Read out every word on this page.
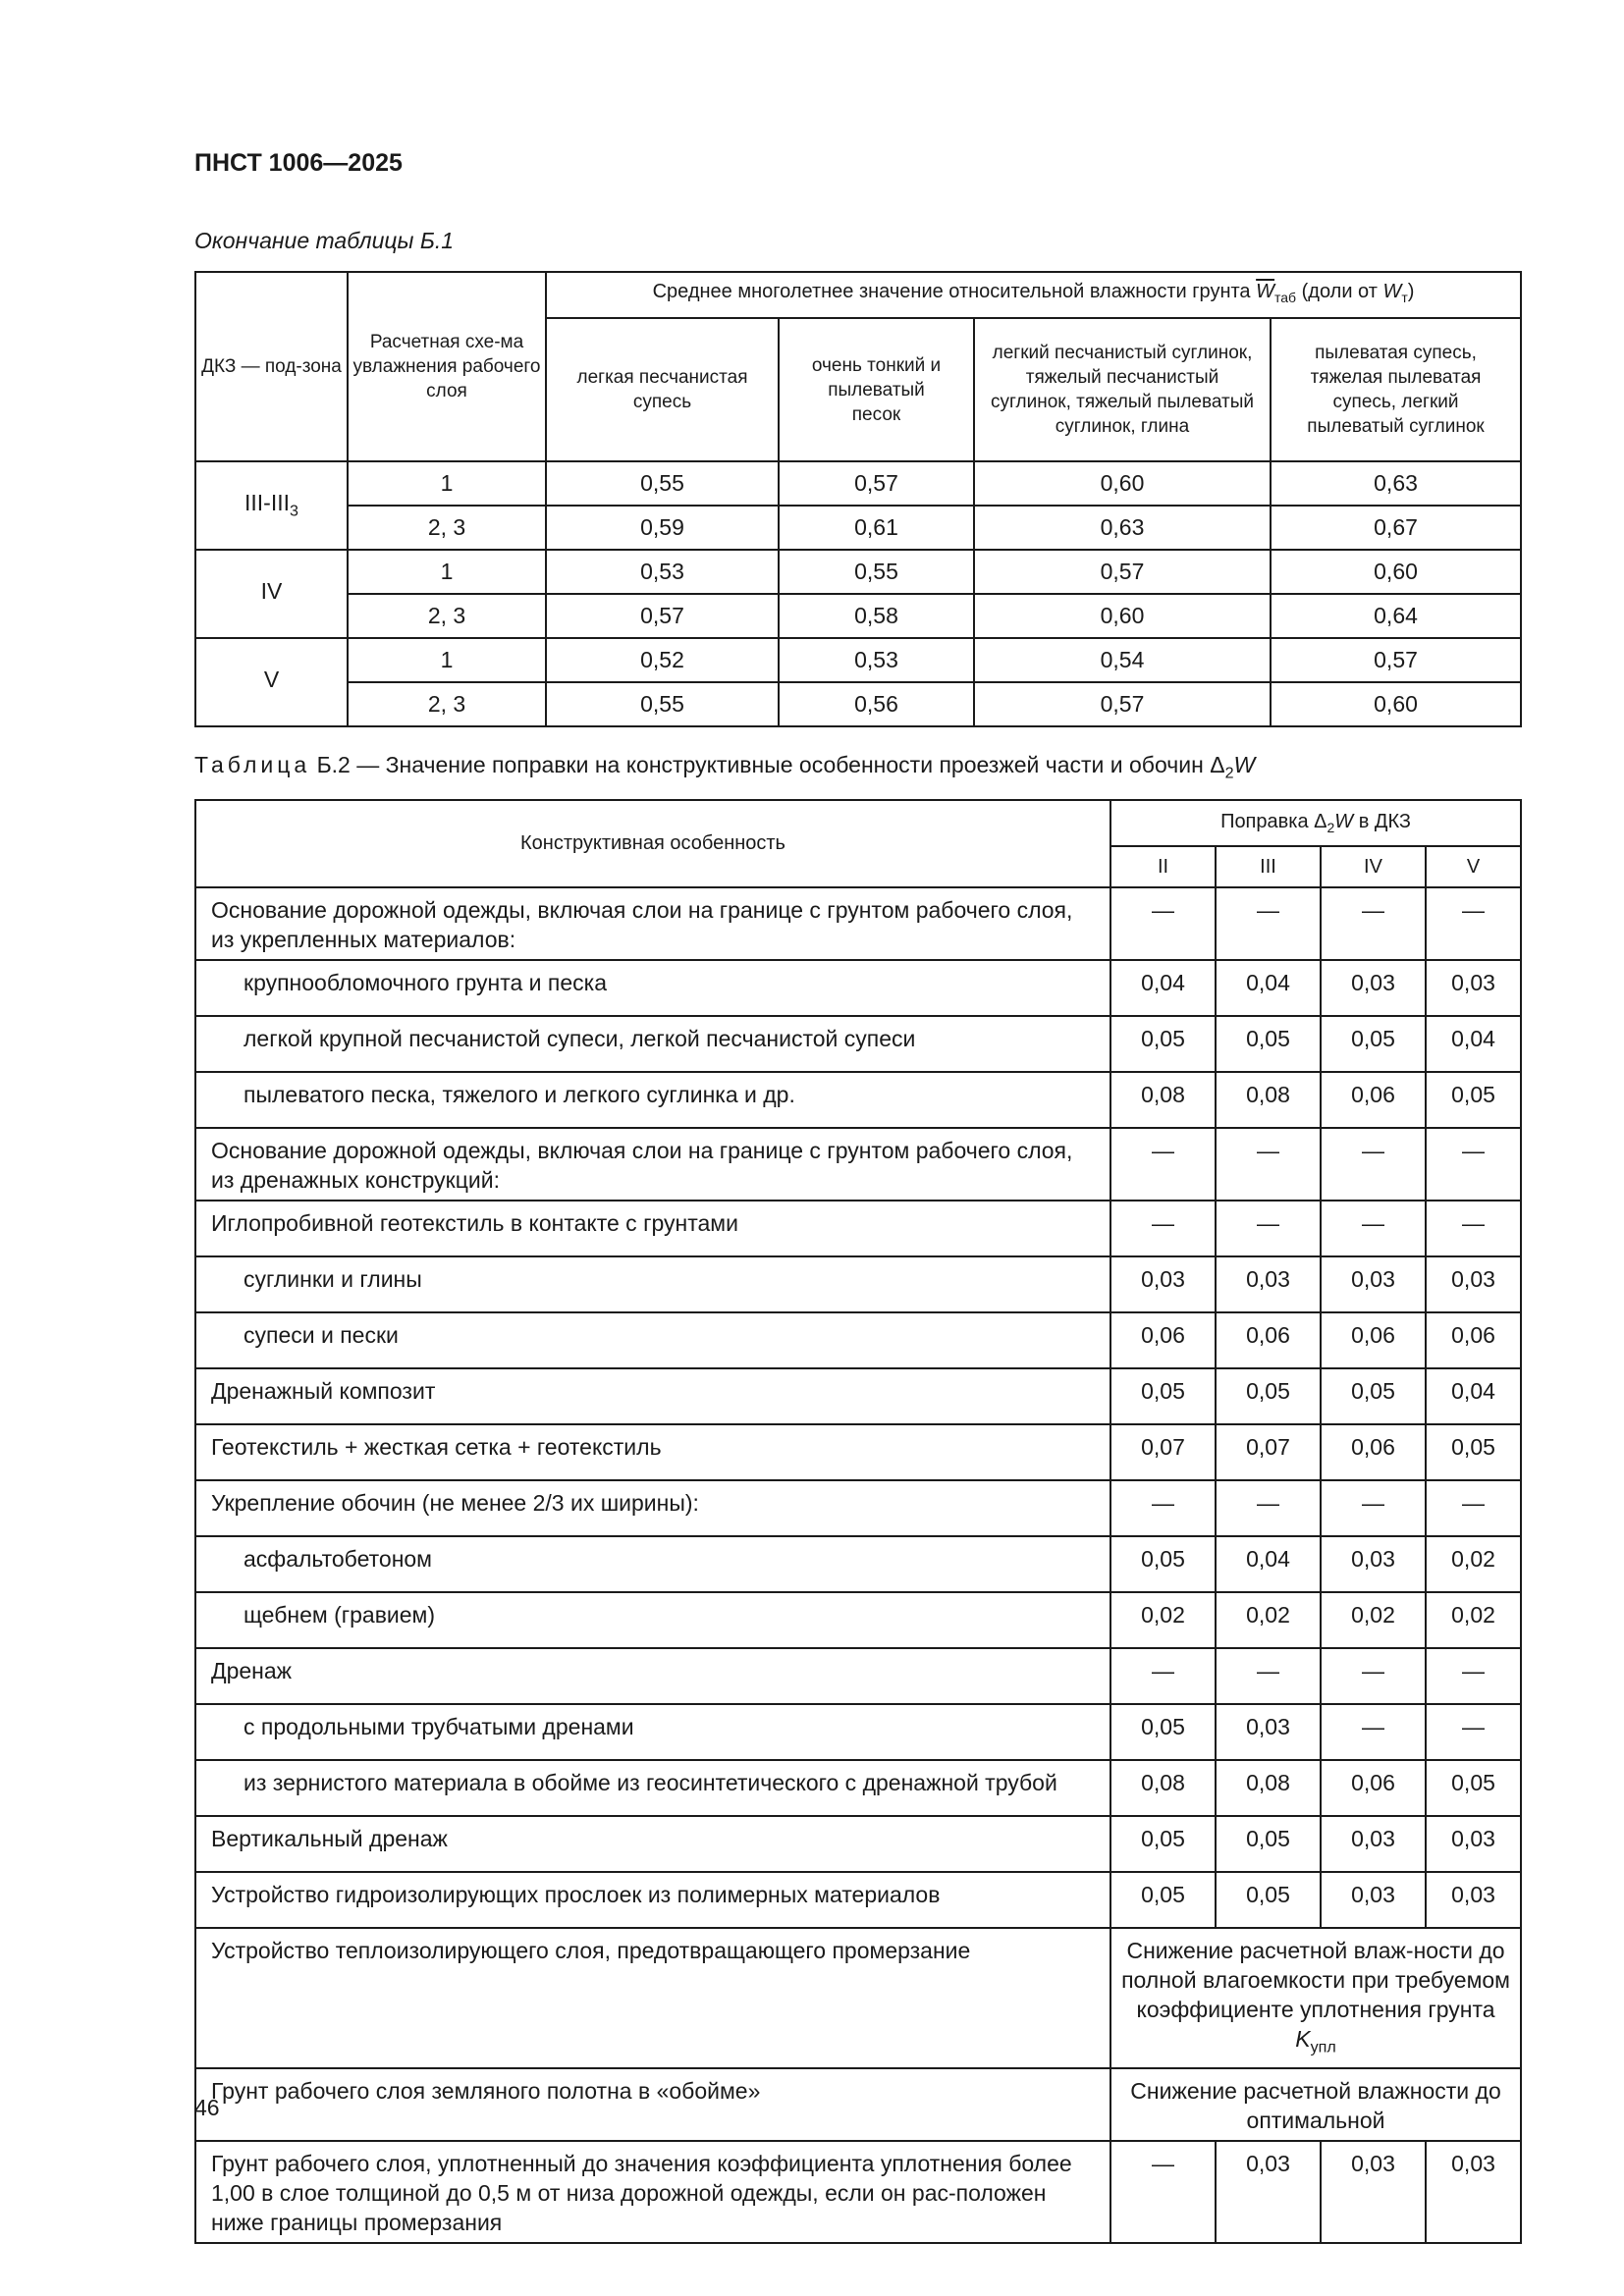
ПНСТ 1006—2025
Окончание таблицы Б.1
ДКЗ — под-зона	Расчетная схе-ма увлажнения рабочего слоя	Среднее многолетнее значение относительной влажности грунта $\overline{W}_{таб}$ (доли от $W_т$)			
		легкая песчанистая супесь	очень тонкий и пылеватый песок	легкий песчанистый суглинок, тяжелый песчанистый суглинок, тяжелый пылеватый суглинок, глина	пылеватая супесь, тяжелая пылеватая супесь, легкий пылеватый суглинок
III-$III_3$	1	0,55	0,57	0,60	0,63
	2, 3	0,59	0,61	0,63	0,67
IV	1	0,53	0,55	0,57	0,60
	2, 3	0,57	0,58	0,60	0,64
V	1	0,52	0,53	0,54	0,57
	2, 3	0,55	0,56	0,57	0,60
Таблица Б.2 — Значение поправки на конструктивные особенности проезжей части и обочин $\Delta_2W$
Конструктивная особенность	Поправка $\Delta_2W$ в ДКЗ			
	II	III	IV	V
Основание дорожной одежды, включая слои на границе с грунтом рабочего слоя, из укрепленных материалов:	—	—	—	—
крупнообломочного грунта и песка	0,04	0,04	0,03	0,03
легкой крупной песчанистой супеси, легкой песчанистой супеси	0,05	0,05	0,05	0,04
пылеватого песка, тяжелого и легкого суглинка и др.	0,08	0,08	0,06	0,05
Основание дорожной одежды, включая слои на границе с грунтом рабочего слоя, из дренажных конструкций:	—	—	—	—
Иглопробивной геотекстиль в контакте с грунтами	—	—	—	—
суглинки и глины	0,03	0,03	0,03	0,03
супеси и пески	0,06	0,06	0,06	0,06
Дренажный композит	0,05	0,05	0,05	0,04
Геотекстиль + жесткая сетка + геотекстиль	0,07	0,07	0,06	0,05
Укрепление обочин (не менее 2/3 их ширины):	—	—	—	—
асфальтобетоном	0,05	0,04	0,03	0,02
щебнем (гравием)	0,02	0,02	0,02	0,02
Дренаж	—	—	—	—
с продольными трубчатыми дренами	0,05	0,03	—	—
из зернистого материала в обойме из геосинтетического с дренажной трубой	0,08	0,08	0,06	0,05
Вертикальный дренаж	0,05	0,05	0,03	0,03
Устройство гидроизолирующих прослоек из полимерных материалов	0,05	0,05	0,03	0,03
Устройство теплоизолирующего слоя, предотвращающего промерзание	Снижение расчетной влаж-ности до полной влагоемкости при требуемом коэффициенте уплотнения грунта $K_{упл}$
Грунт рабочего слоя земляного полотна в «обойме»	Снижение расчетной влажности до оптимальной			
Грунт рабочего слоя, уплотненный до значения коэффициента уплотнения более 1,00 в слое толщиной до 0,5 м от низа дорожной одежды, если он рас-положен ниже границы промерзания	—	0,03	0,03	0,03
46
